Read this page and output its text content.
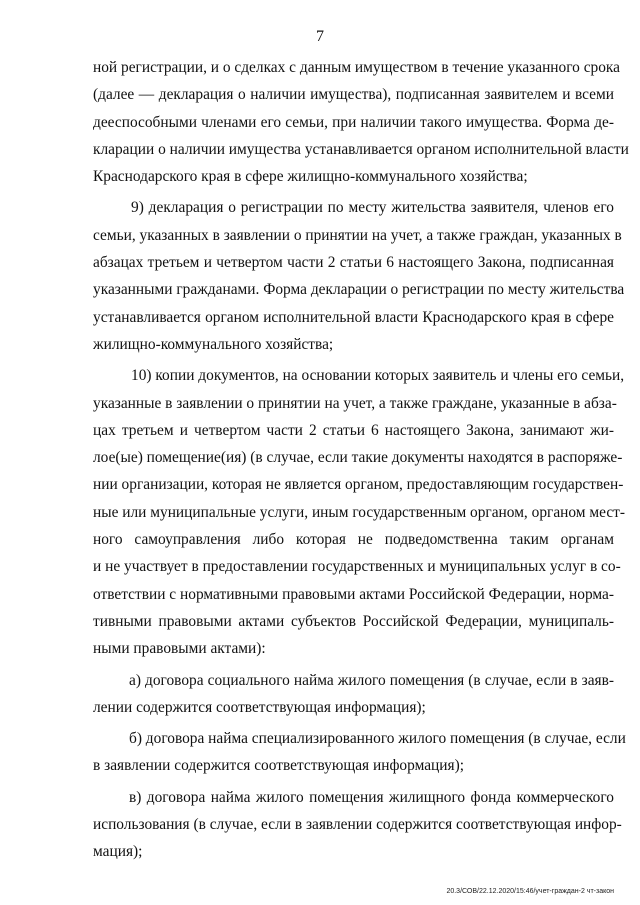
7
ной регистрации, и о сделках с данным имуществом в течение указанного срока
(далее — декларация о наличии имущества), подписанная заявителем и всеми
дееспособными членами его семьи, при наличии такого имущества. Форма де-
кларации о наличии имущества устанавливается органом исполнительной власти
Краснодарского края в сфере жилищно-коммунального хозяйства;
9) декларация о регистрации по месту жительства заявителя, членов его
семьи, указанных в заявлении о принятии на учет, а также граждан, указанных в
абзацах третьем и четвертом части 2 статьи 6 настоящего Закона, подписанная
указанными гражданами. Форма декларации о регистрации по месту жительства
устанавливается органом исполнительной власти Краснодарского края в сфере
жилищно-коммунального хозяйства;
10) копии документов, на основании которых заявитель и члены его семьи,
указанные в заявлении о принятии на учет, а также граждане, указанные в абза-
цах третьем и четвертом части 2 статьи 6 настоящего Закона, занимают жи-
лое(ые) помещение(ия) (в случае, если такие документы находятся в распоряже-
нии организации, которая не является органом, предоставляющим государствен-
ные или муниципальные услуги, иным государственным органом, органом мест-
ного самоуправления либо которая не подведомственна таким органам
и не участвует в предоставлении государственных и муниципальных услуг в со-
ответствии с нормативными правовыми актами Российской Федерации, норма-
тивными правовыми актами субъектов Российской Федерации, муниципаль-
ными правовыми актами):
а) договора социального найма жилого помещения (в случае, если в заяв-
лении содержится соответствующая информация);
б) договора найма специализированного жилого помещения (в случае, если
в заявлении содержится соответствующая информация);
в) договора найма жилого помещения жилищного фонда коммерческого
использования (в случае, если в заявлении содержится соответствующая инфор-
мация);
20.3/СОВ/22.12.2020/15:46/учет-граждан-2 чт-закон
